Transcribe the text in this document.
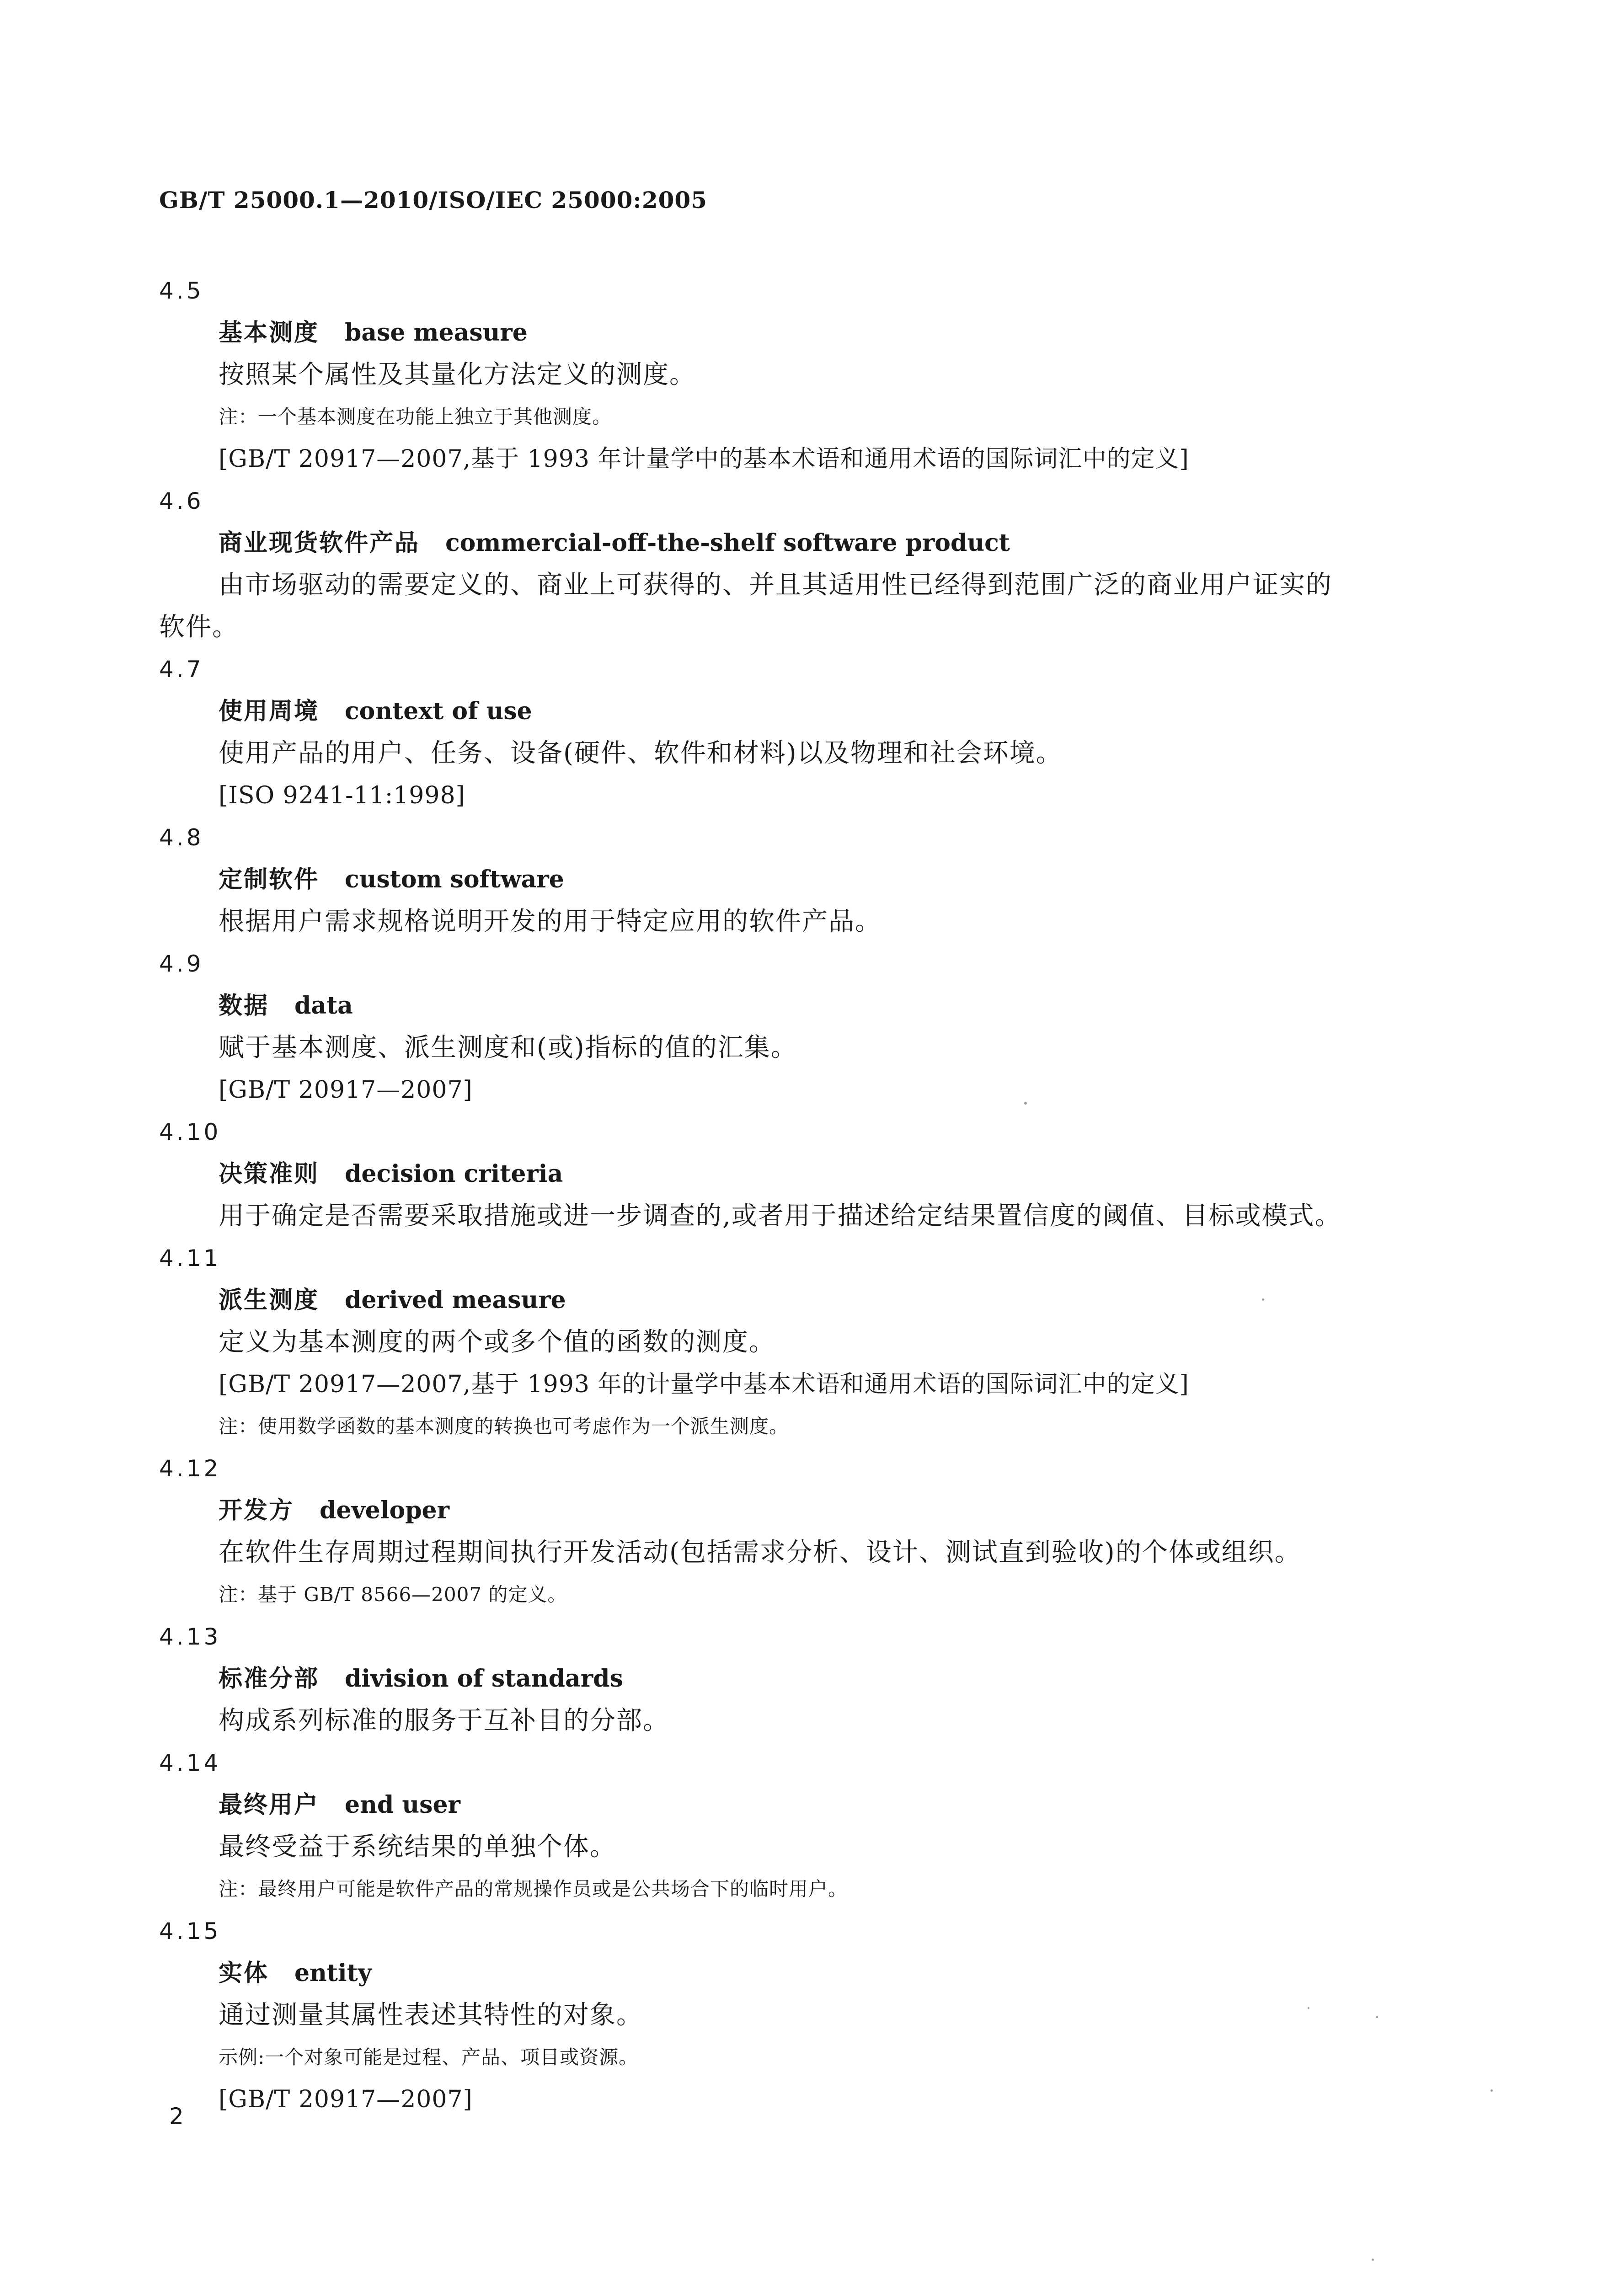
GB/T 25000.1—2010/ISO/IEC 25000:2005
4.5
基本测度 base measure
按照某个属性及其量化方法定义的测度。
注：一个基本测度在功能上独立于其他测度。
[GB/T 20917—2007,基于 1993 年计量学中的基本术语和通用术语的国际词汇中的定义]
4.6
商业现货软件产品 commercial-off-the-shelf software product
由市场驱动的需要定义的、商业上可获得的、并且其适用性已经得到范围广泛的商业用户证实的
软件。
4.7
使用周境 context of use
使用产品的用户、任务、设备(硬件、软件和材料)以及物理和社会环境。
[ISO 9241-11:1998]
4.8
定制软件 custom software
根据用户需求规格说明开发的用于特定应用的软件产品。
4.9
数据 data
赋于基本测度、派生测度和(或)指标的值的汇集。
[GB/T 20917—2007]
4.10
决策准则 decision criteria
用于确定是否需要采取措施或进一步调查的,或者用于描述给定结果置信度的阈值、目标或模式。
4.11
派生测度 derived measure
定义为基本测度的两个或多个值的函数的测度。
[GB/T 20917—2007,基于 1993 年的计量学中基本术语和通用术语的国际词汇中的定义]
注：使用数学函数的基本测度的转换也可考虑作为一个派生测度。
4.12
开发方 developer
在软件生存周期过程期间执行开发活动(包括需求分析、设计、测试直到验收)的个体或组织。
注：基于 GB/T 8566—2007 的定义。
4.13
标准分部 division of standards
构成系列标准的服务于互补目的分部。
4.14
最终用户 end user
最终受益于系统结果的单独个体。
注：最终用户可能是软件产品的常规操作员或是公共场合下的临时用户。
4.15
实体 entity
通过测量其属性表述其特性的对象。
示例:一个对象可能是过程、产品、项目或资源。
[GB/T 20917—2007]
2
